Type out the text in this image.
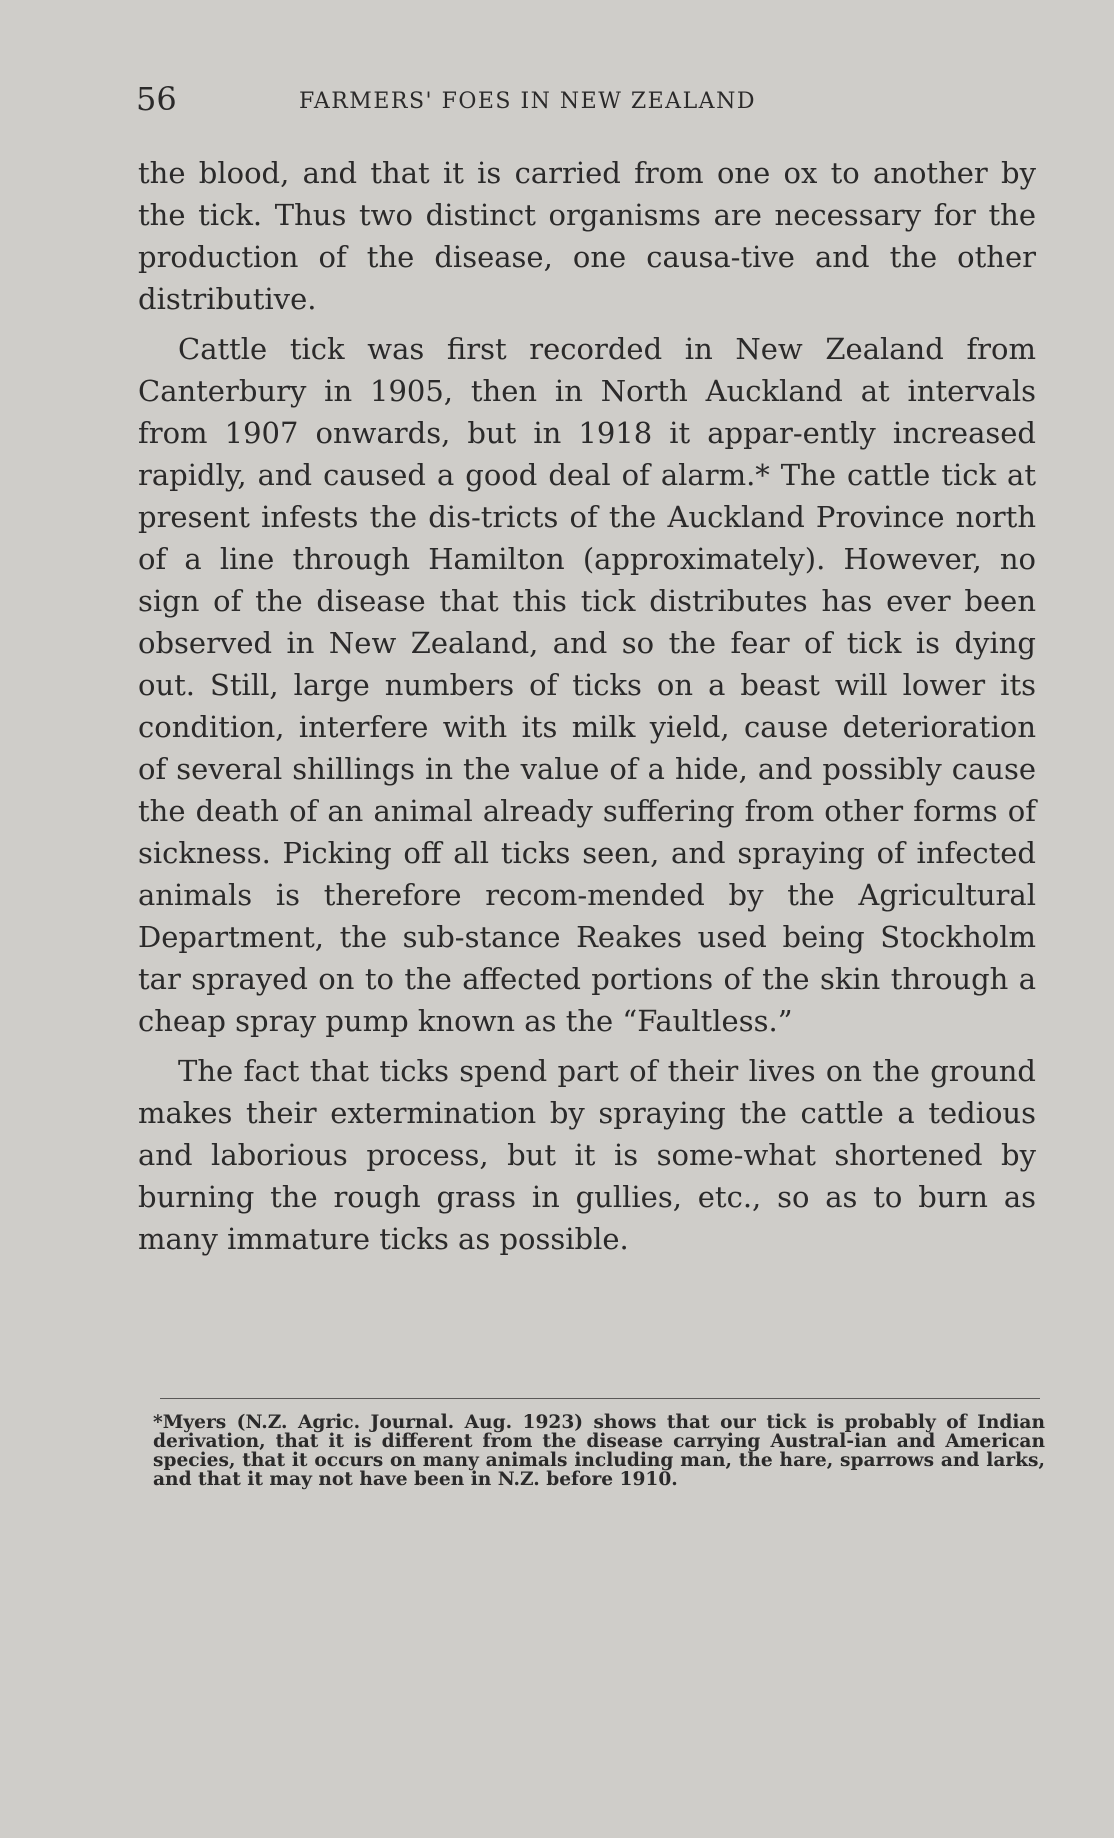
56	FARMERS' FOES IN NEW ZEALAND

the blood, and that it is carried from one ox to another by the tick. Thus two distinct organisms are necessary for the production of the disease, one causa-tive and the other distributive.

Cattle tick was first recorded in New Zealand from Canterbury in 1905, then in North Auckland at intervals from 1907 onwards, but in 1918 it appar-ently increased rapidly, and caused a good deal of alarm.* The cattle tick at present infests the dis-tricts of the Auckland Province north of a line through Hamilton (approximately). However, no sign of the disease that this tick distributes has ever been observed in New Zealand, and so the fear of tick is dying out. Still, large numbers of ticks on a beast will lower its condition, interfere with its milk yield, cause deterioration of several shillings in the value of a hide, and possibly cause the death of an animal already suffering from other forms of sickness. Picking off all ticks seen, and spraying of infected animals is therefore recom-mended by the Agricultural Department, the sub-stance Reakes used being Stockholm tar sprayed on to the affected portions of the skin through a cheap spray pump known as the “Faultless.”

The fact that ticks spend part of their lives on the ground makes their extermination by spraying the cattle a tedious and laborious process, but it is some-what shortened by burning the rough grass in gullies, etc., so as to burn as many immature ticks as possible.

*Myers (N.Z. Agric. Journal. Aug. 1923) shows that our tick is probably of Indian derivation, that it is different from the disease carrying Austral-ian and American species, that it occurs on many animals including man, the hare, sparrows and larks, and that it may not have been in N.Z. before 1910.
